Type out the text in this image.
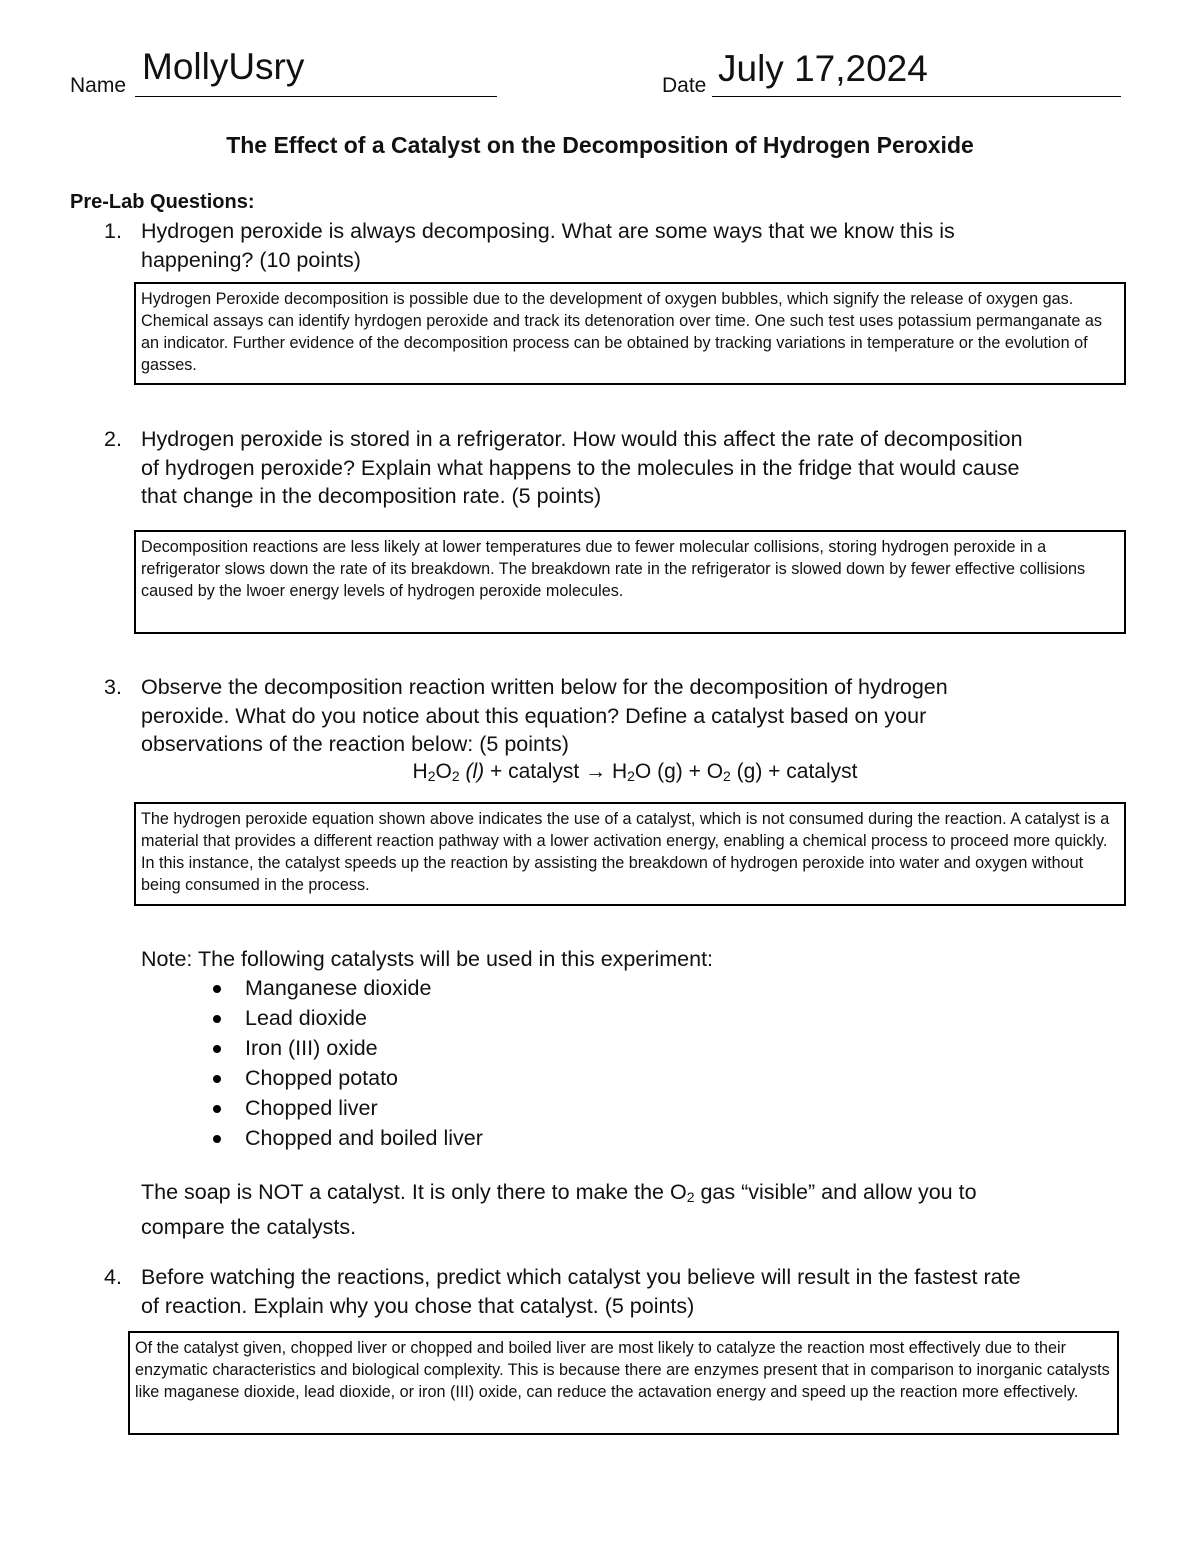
Name MollyUsry	Date July 17,2024
The Effect of a Catalyst on the Decomposition of Hydrogen Peroxide
Pre-Lab Questions:
1. Hydrogen peroxide is always decomposing. What are some ways that we know this is
happening? (10 points)
Hydrogen Peroxide decomposition is possible due to the development of oxygen bubbles, which signify the release of oxygen gas. Chemical assays can identify hyrdogen peroxide and track its detenoration over time. One such test uses potassium permanganate as an indicator. Further evidence of the decomposition process can be obtained by tracking variations in temperature or the evolution of gasses.
2. Hydrogen peroxide is stored in a refrigerator. How would this affect the rate of decomposition
of hydrogen peroxide? Explain what happens to the molecules in the fridge that would cause
that change in the decomposition rate. (5 points)
Decomposition reactions are less likely at lower temperatures due to fewer molecular collisions, storing hydrogen peroxide in a refrigerator slows down the rate of its breakdown. The breakdown rate in the refrigerator is slowed down by fewer effective collisions caused by the lwoer energy levels of hydrogen peroxide molecules.
3. Observe the decomposition reaction written below for the decomposition of hydrogen
peroxide. What do you notice about this equation? Define a catalyst based on your
observations of the reaction below: (5 points)
$H_2O_2$ (l) + catalyst → $H_2O$ $(g) + O_2$ (g) + catalyst
The hydrogen peroxide equation shown above indicates the use of a catalyst, which is not consumed during the reaction. A catalyst is a material that provides a different reaction pathway with a lower activation energy, enabling a chemical process to proceed more quickly. In this instance, the catalyst speeds up the reaction by assisting the breakdown of hydrogen peroxide into water and oxygen without being consumed in the process.
Note: The following catalysts will be used in this experiment:
Manganese dioxide
Lead dioxide
Iron (III) oxide
Chopped potato
Chopped liver
Chopped and boiled liver
The soap is NOT a catalyst. It is only there to make the $O_2$ gas “visible” and allow you to
compare the catalysts.
4. Before watching the reactions, predict which catalyst you believe will result in the fastest rate
of reaction. Explain why you chose that catalyst. (5 points)
Of the catalyst given, chopped liver or chopped and boiled liver are most likely to catalyze the reaction most effectively due to their enzymatic characteristics and biological complexity. This is because there are enzymes present that in comparison to inorganic catalysts like maganese dioxide, lead dioxide, or iron (III) oxide, can reduce the actavation energy and speed up the reaction more effectively.
